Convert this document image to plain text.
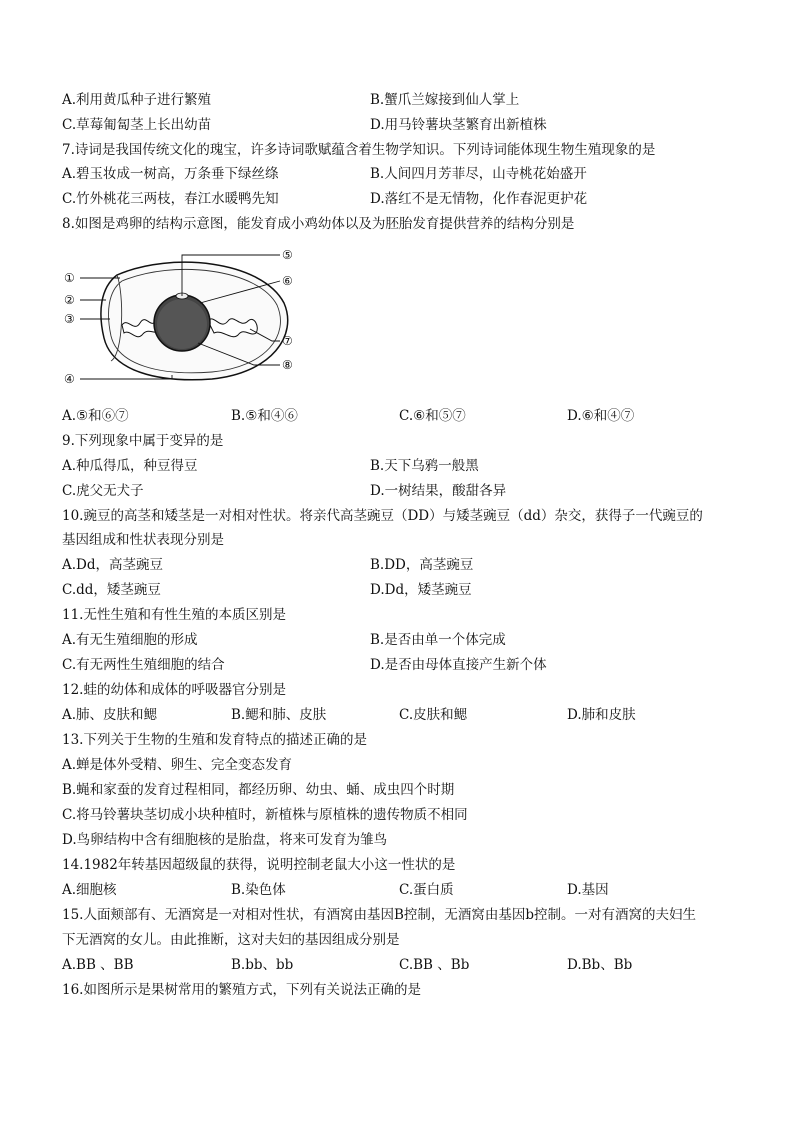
A.利用黄瓜种子进行繁殖	B.蟹爪兰嫁接到仙人掌上
C.草莓匍匐茎上长出幼苗	D.用马铃薯块茎繁育出新植株
7.诗词是我国传统文化的瑰宝，许多诗词歌赋蕴含着生物学知识。下列诗词能体现生物生殖现象的是
A.碧玉妆成一树高，万条垂下绿丝绦	B.人间四月芳菲尽，山寺桃花始盛开
C.竹外桃花三两枝，春江水暖鸭先知	D.落红不是无情物，化作春泥更护花
8.如图是鸡卵的结构示意图，能发育成小鸡幼体以及为胚胎发育提供营养的结构分别是
①
②
③
④
⑤
⑥
⑦
⑧
A.⑤和⑥⑦	B.⑤和④⑥	C.⑥和⑤⑦	D.⑥和④⑦
9.下列现象中属于变异的是
A.种瓜得瓜，种豆得豆	B.天下乌鸦一般黑
C.虎父无犬子	D.一树结果，酸甜各异
10.豌豆的高茎和矮茎是一对相对性状。将亲代高茎豌豆（DD）与矮茎豌豆（dd）杂交，获得子一代豌豆的
基因组成和性状表现分别是
A.Dd，高茎豌豆	B.DD，高茎豌豆
C.dd，矮茎豌豆	D.Dd，矮茎豌豆
11.无性生殖和有性生殖的本质区别是
A.有无生殖细胞的形成	B.是否由单一个体完成
C.有无两性生殖细胞的结合	D.是否由母体直接产生新个体
12.蛙的幼体和成体的呼吸器官分别是
A.肺、皮肤和鳃	B.鳃和肺、皮肤	C.皮肤和鳃	D.肺和皮肤
13.下列关于生物的生殖和发育特点的描述正确的是
A.蝉是体外受精、卵生、完全变态发育
B.蝇和家蚕的发育过程相同，都经历卵、幼虫、蛹、成虫四个时期
C.将马铃薯块茎切成小块种植时，新植株与原植株的遗传物质不相同
D.鸟卵结构中含有细胞核的是胎盘，将来可发育为雏鸟
14.1982年转基因超级鼠的获得，说明控制老鼠大小这一性状的是
A.细胞核	B.染色体	C.蛋白质	D.基因
15.人面颊部有、无酒窝是一对相对性状，有酒窝由基因B控制，无酒窝由基因b控制。一对有酒窝的夫妇生
下无酒窝的女儿。由此推断，这对夫妇的基因组成分别是
A.BB 、BB	B.bb、bb	C.BB 、Bb	D.Bb、Bb
16.如图所示是果树常用的繁殖方式，下列有关说法正确的是
